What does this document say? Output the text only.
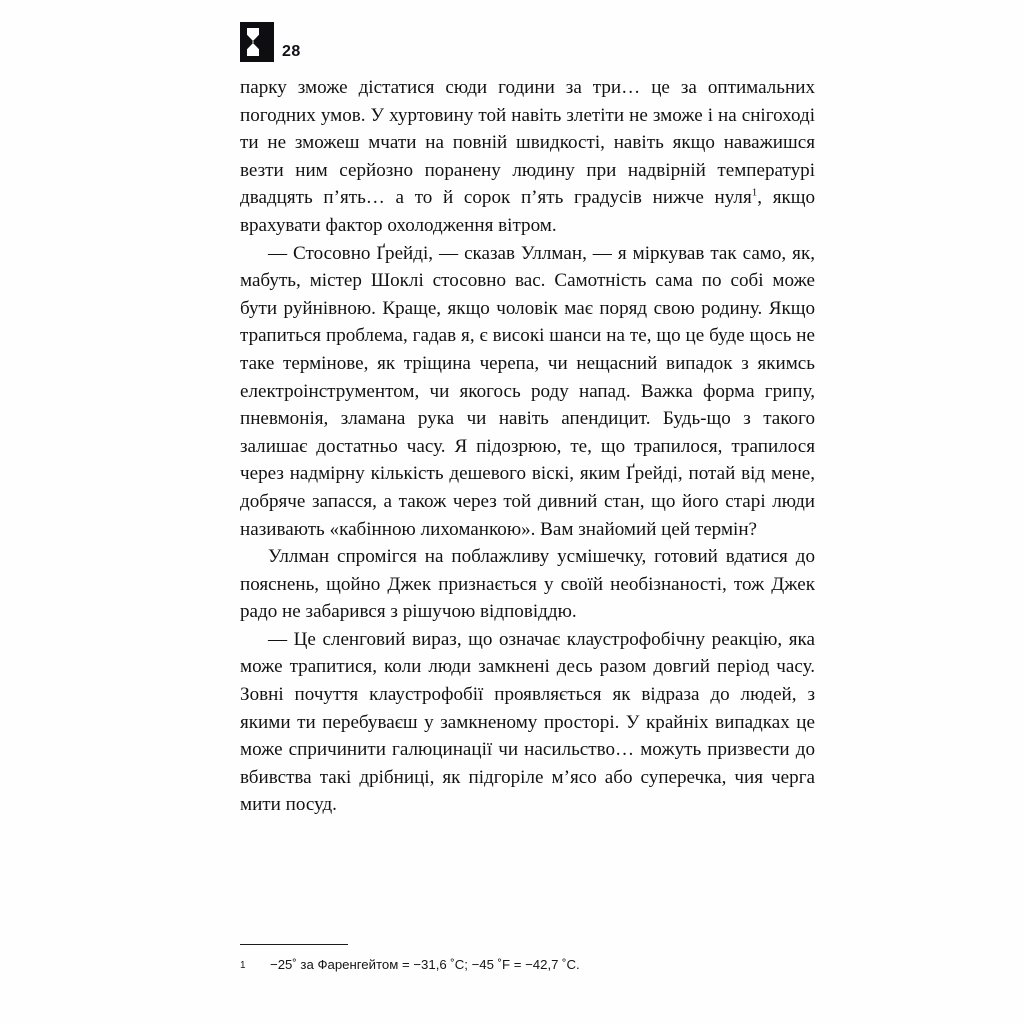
28

парку зможе дістатися сюди години за три… це за оптимальних погодних умов. У хуртовину той навіть злетіти не зможе і на снігоході ти не зможеш мчати на повній швидкості, навіть якщо наважишся везти ним серйозно поранену людину при надвірній температурі двадцять п’ять… а то й сорок п’ять градусів нижче нуля$^1$, якщо врахувати фактор охолодження вітром.

— Стосовно Ґрейді, — сказав Уллман, — я міркував так само, як, мабуть, містер Шоклі стосовно вас. Самотність сама по собі може бути руйнівною. Краще, якщо чоловік має поряд свою родину. Якщо трапиться проблема, гадав я, є високі шанси на те, що це буде щось не таке термінове, як тріщина черепа, чи нещасний випадок з якимсь електроінструментом, чи якогось роду напад. Важка форма грипу, пневмонія, зламана рука чи навіть апендицит. Будь-що з такого залишає достатньо часу. Я підозрюю, те, що трапилося, трапилося через надмірну кількість дешевого віскі, яким Ґрейді, потай від мене, добряче запасся, а також через той дивний стан, що його старі люди називають «кабінною лихоманкою». Вам знайомий цей термін?

Уллман спромігся на поблажливу усмішечку, готовий вдатися до пояснень, щойно Джек признається у своїй необізнаності, тож Джек радо не забарився з рішучою відповіддю.

— Це сленговий вираз, що означає клаустрофобічну реакцію, яка може трапитися, коли люди замкнені десь разом довгий період часу. Зовні почуття клаустрофобії проявляється як відраза до людей, з якими ти перебуваєш у замкненому просторі. У крайніх випадках це може спричинити галюцинації чи насильство… можуть призвести до вбивства такі дрібниці, як підгоріле м’ясо або суперечка, чия черга мити посуд.

1	−25˚ за Фаренгейтом = −31,6 ˚C; −45 ˚F = −42,7 ˚C.
